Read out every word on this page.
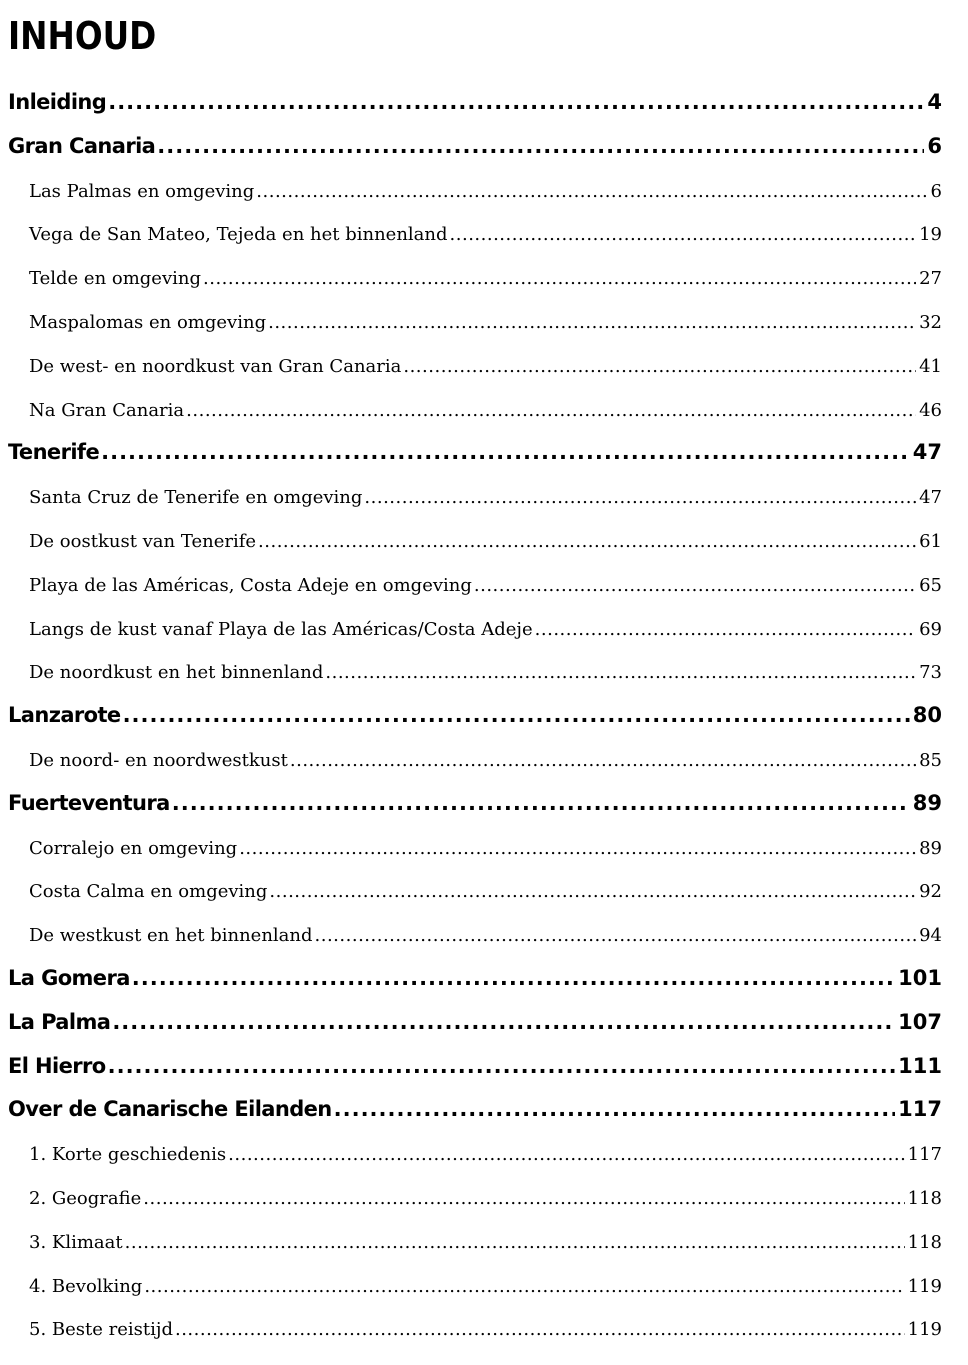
INHOUD
Inleiding .....	4
Gran Canaria .....	6
Las Palmas en omgeving .....	6
Vega de San Mateo, Tejeda en het binnenland .....	19
Telde en omgeving .....	27
Maspalomas en omgeving .....	32
De west- en noordkust van Gran Canaria .....	41
Na Gran Canaria .....	46
Tenerife .....	47
Santa Cruz de Tenerife en omgeving .....	47
De oostkust van Tenerife .....	61
Playa de las Américas, Costa Adeje en omgeving .....	65
Langs de kust vanaf Playa de las Américas/Costa Adeje .....	69
De noordkust en het binnenland .....	73
Lanzarote .....	80
De noord- en noordwestkust .....	85
Fuerteventura .....	89
Corralejo en omgeving .....	89
Costa Calma en omgeving .....	92
De westkust en het binnenland .....	94
La Gomera .....	101
La Palma .....	107
El Hierro .....	111
Over de Canarische Eilanden .....	117
1. Korte geschiedenis .....	117
2. Geografie .....	118
3. Klimaat .....	118
4. Bevolking .....	119
5. Beste reistijd .....	119
